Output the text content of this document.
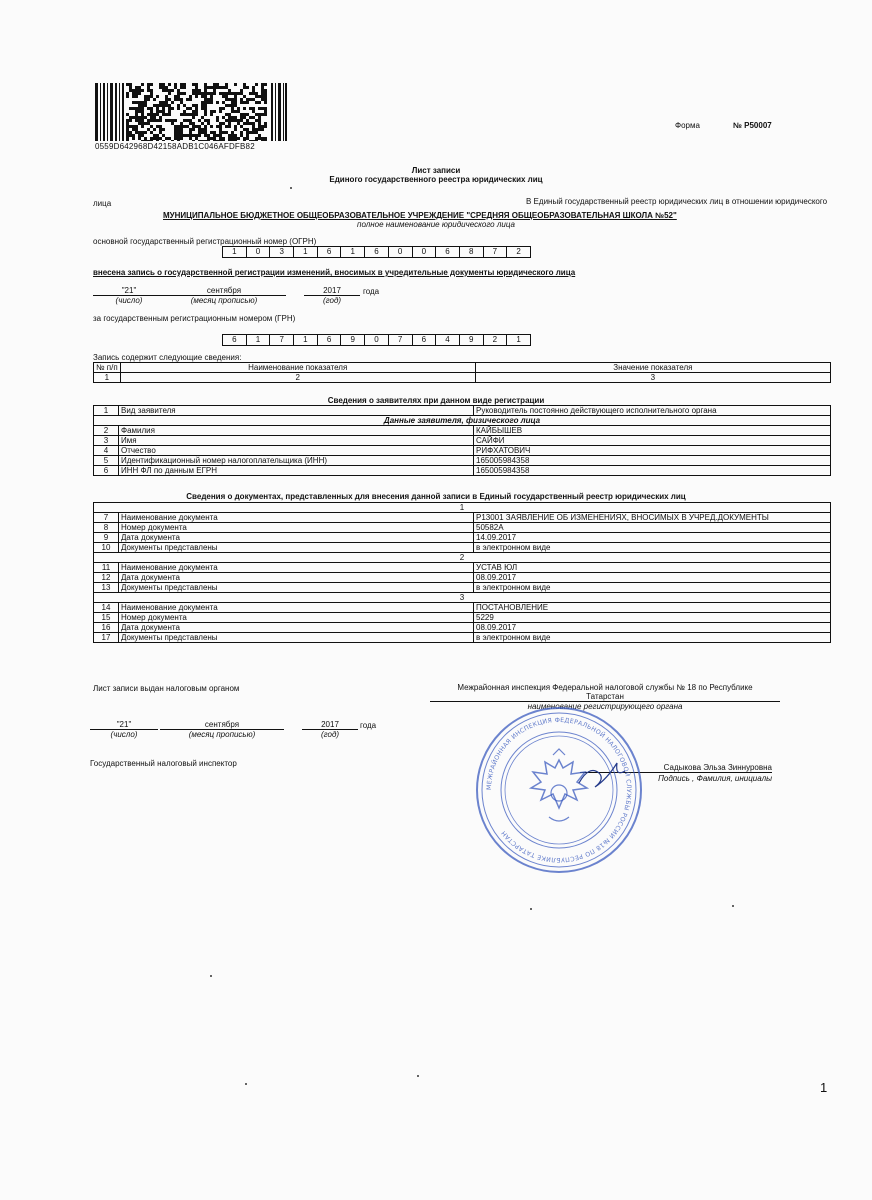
0559D642968D42158ADB1C046AFDFB82
Форма	№ Р50007
Лист записи
Единого государственного реестра юридических лиц
В Единый государственный реестр юридических лиц в отношении юридического
лица
МУНИЦИПАЛЬНОЕ БЮДЖЕТНОЕ ОБЩЕОБРАЗОВАТЕЛЬНОЕ УЧРЕЖДЕНИЕ "СРЕДНЯЯ ОБЩЕОБРАЗОВАТЕЛЬНАЯ ШКОЛА №52"
полное наименование юридического лица
основной государственный регистрационный номер (ОГРН)
1	0	3	1	6	1	6	0	0	6	8	7	2
внесена запись о государственной регистрации изменений, вносимых в учредительные документы юридического лица
"21"
(число)
сентября
(месяц прописью)
2017
(год)
года
за государственным регистрационным номером (ГРН)
6	1	7	1	6	9	0	7	6	4	9	2	1
Запись содержит следующие сведения:
№ п/п	Наименование показателя	Значение показателя
1	2	3
Сведения о заявителях при данном виде регистрации
1	Вид заявителя	Руководитель постоянно действующего исполнительного органа
Данные заявителя, физического лица		
2	Фамилия	КАЙБЫШЕВ
3	Имя	САЙФИ
4	Отчество	РИФХАТОВИЧ
5	Идентификационный номер налогоплательщика (ИНН)	165005984358
6	ИНН ФЛ по данным ЕГРН	165005984358
Сведения о документах, представленных для внесения данной записи в Единый государственный реестр юридических лиц
1		
7	Наименование документа	Р13001 ЗАЯВЛЕНИЕ ОБ ИЗМЕНЕНИЯХ, ВНОСИМЫХ В УЧРЕД.ДОКУМЕНТЫ
8	Номер документа	50582А
9	Дата документа	14.09.2017
10	Документы представлены	в электронном виде
2		
11	Наименование документа	УСТАВ ЮЛ
12	Дата документа	08.09.2017
13	Документы представлены	в электронном виде
3		
14	Наименование документа	ПОСТАНОВЛЕНИЕ
15	Номер документа	5229
16	Дата документа	08.09.2017
17	Документы представлены	в электронном виде
Лист записи выдан налоговым органом	Межрайонная инспекция Федеральной налоговой службы № 18 по Республике
Татарстан
наименование регистрирующего органа
"21"
(число)
сентября
(месяц прописью)
2017
(год)
года
Государственный налоговый инспектор	Садыкова Эльза Зиннуровна
Подпись , Фамилия, инициалы
МЕЖРАЙОННАЯ ИНСПЕКЦИЯ ФЕДЕРАЛЬНОЙ НАЛОГОВОЙ СЛУЖБЫ РОССИИ №18 ПО РЕСПУБЛИКЕ ТАТАРСТАН
1
